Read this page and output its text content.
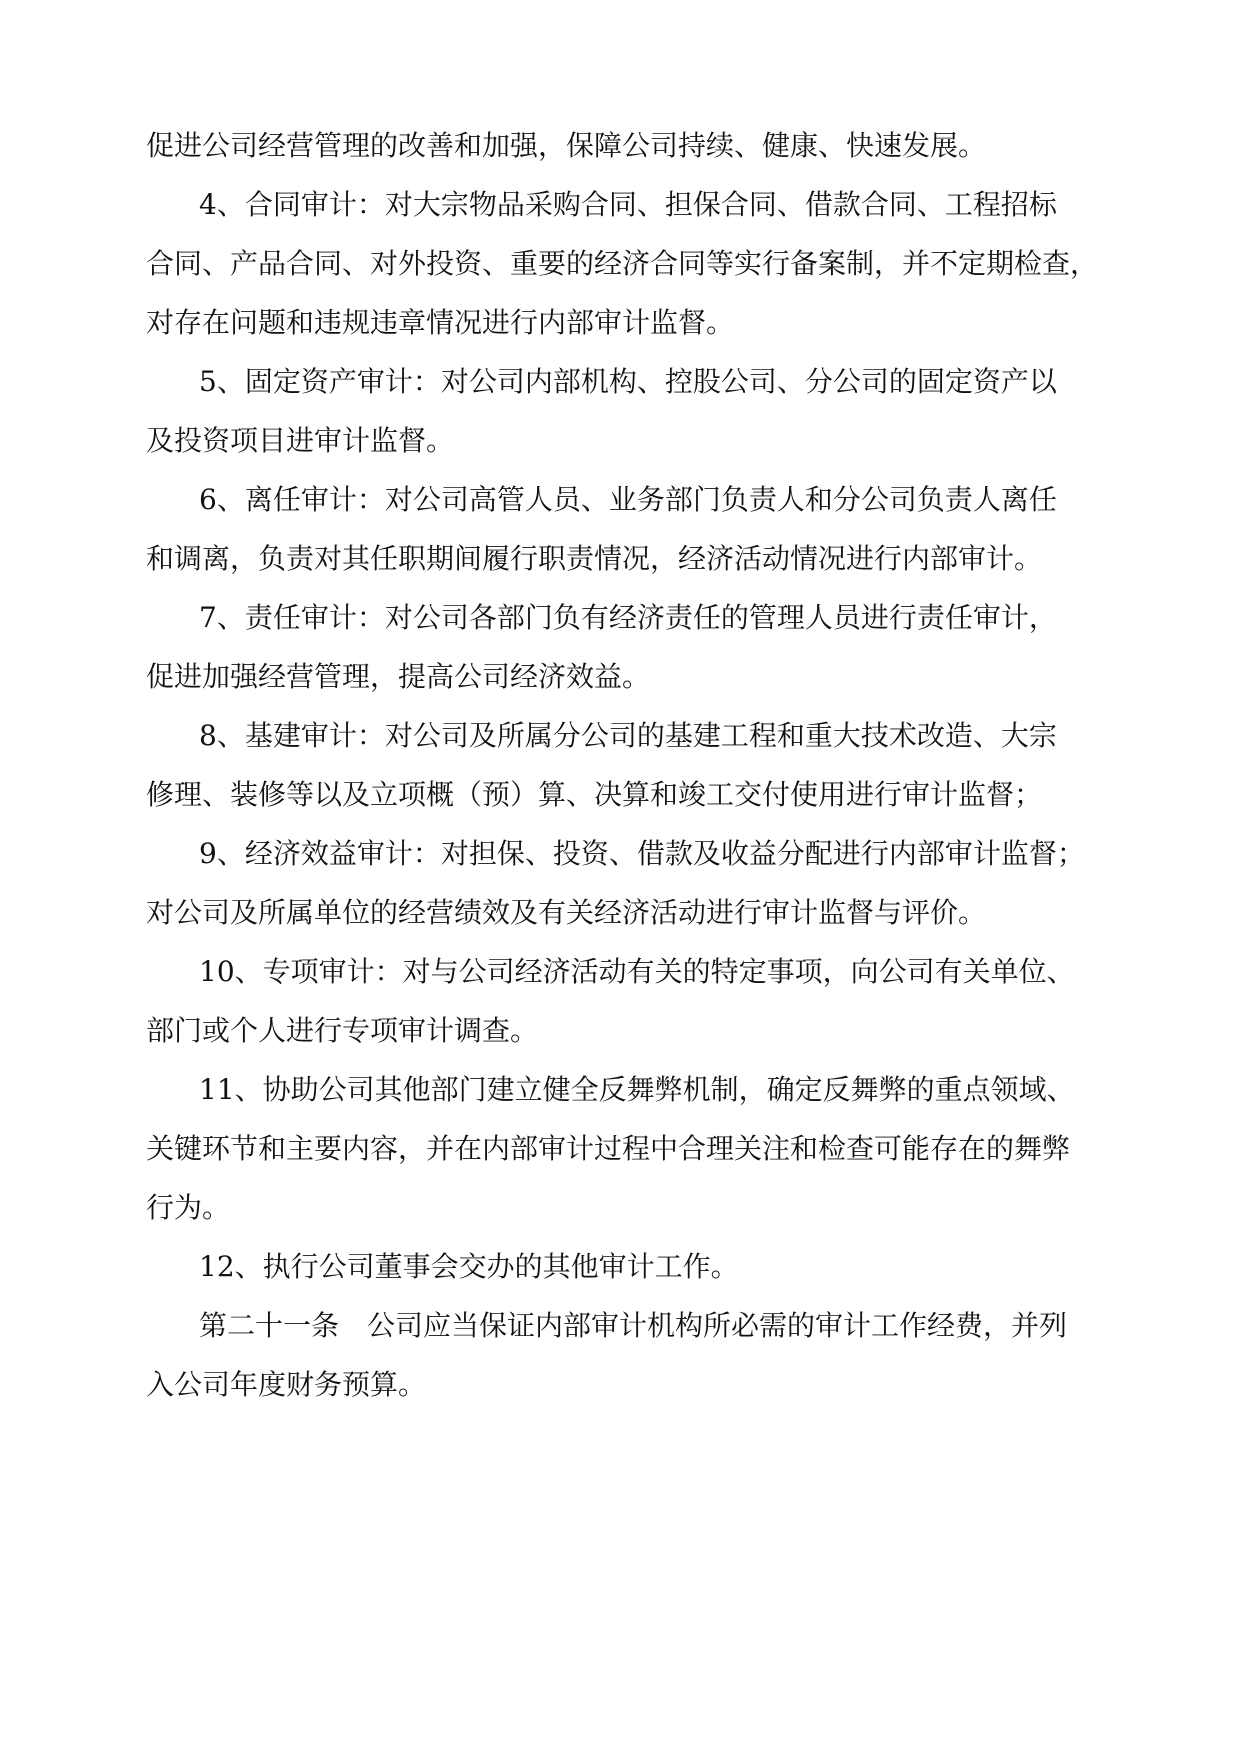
促进公司经营管理的改善和加强，保障公司持续、健康、快速发展。
4、合同审计：对大宗物品采购合同、担保合同、借款合同、工程招标
合同、产品合同、对外投资、重要的经济合同等实行备案制，并不定期检查，
对存在问题和违规违章情况进行内部审计监督。
5、固定资产审计：对公司内部机构、控股公司、分公司的固定资产以
及投资项目进审计监督。
6、离任审计：对公司高管人员、业务部门负责人和分公司负责人离任
和调离，负责对其任职期间履行职责情况，经济活动情况进行内部审计。
7、责任审计：对公司各部门负有经济责任的管理人员进行责任审计，
促进加强经营管理，提高公司经济效益。
8、基建审计：对公司及所属分公司的基建工程和重大技术改造、大宗
修理、装修等以及立项概（预）算、决算和竣工交付使用进行审计监督；
9、经济效益审计：对担保、投资、借款及收益分配进行内部审计监督；
对公司及所属单位的经营绩效及有关经济活动进行审计监督与评价。
10、专项审计：对与公司经济活动有关的特定事项，向公司有关单位、
部门或个人进行专项审计调查。
11、协助公司其他部门建立健全反舞弊机制，确定反舞弊的重点领域、
关键环节和主要内容，并在内部审计过程中合理关注和检查可能存在的舞弊
行为。
12、执行公司董事会交办的其他审计工作。
第二十一条　公司应当保证内部审计机构所必需的审计工作经费，并列
入公司年度财务预算。
